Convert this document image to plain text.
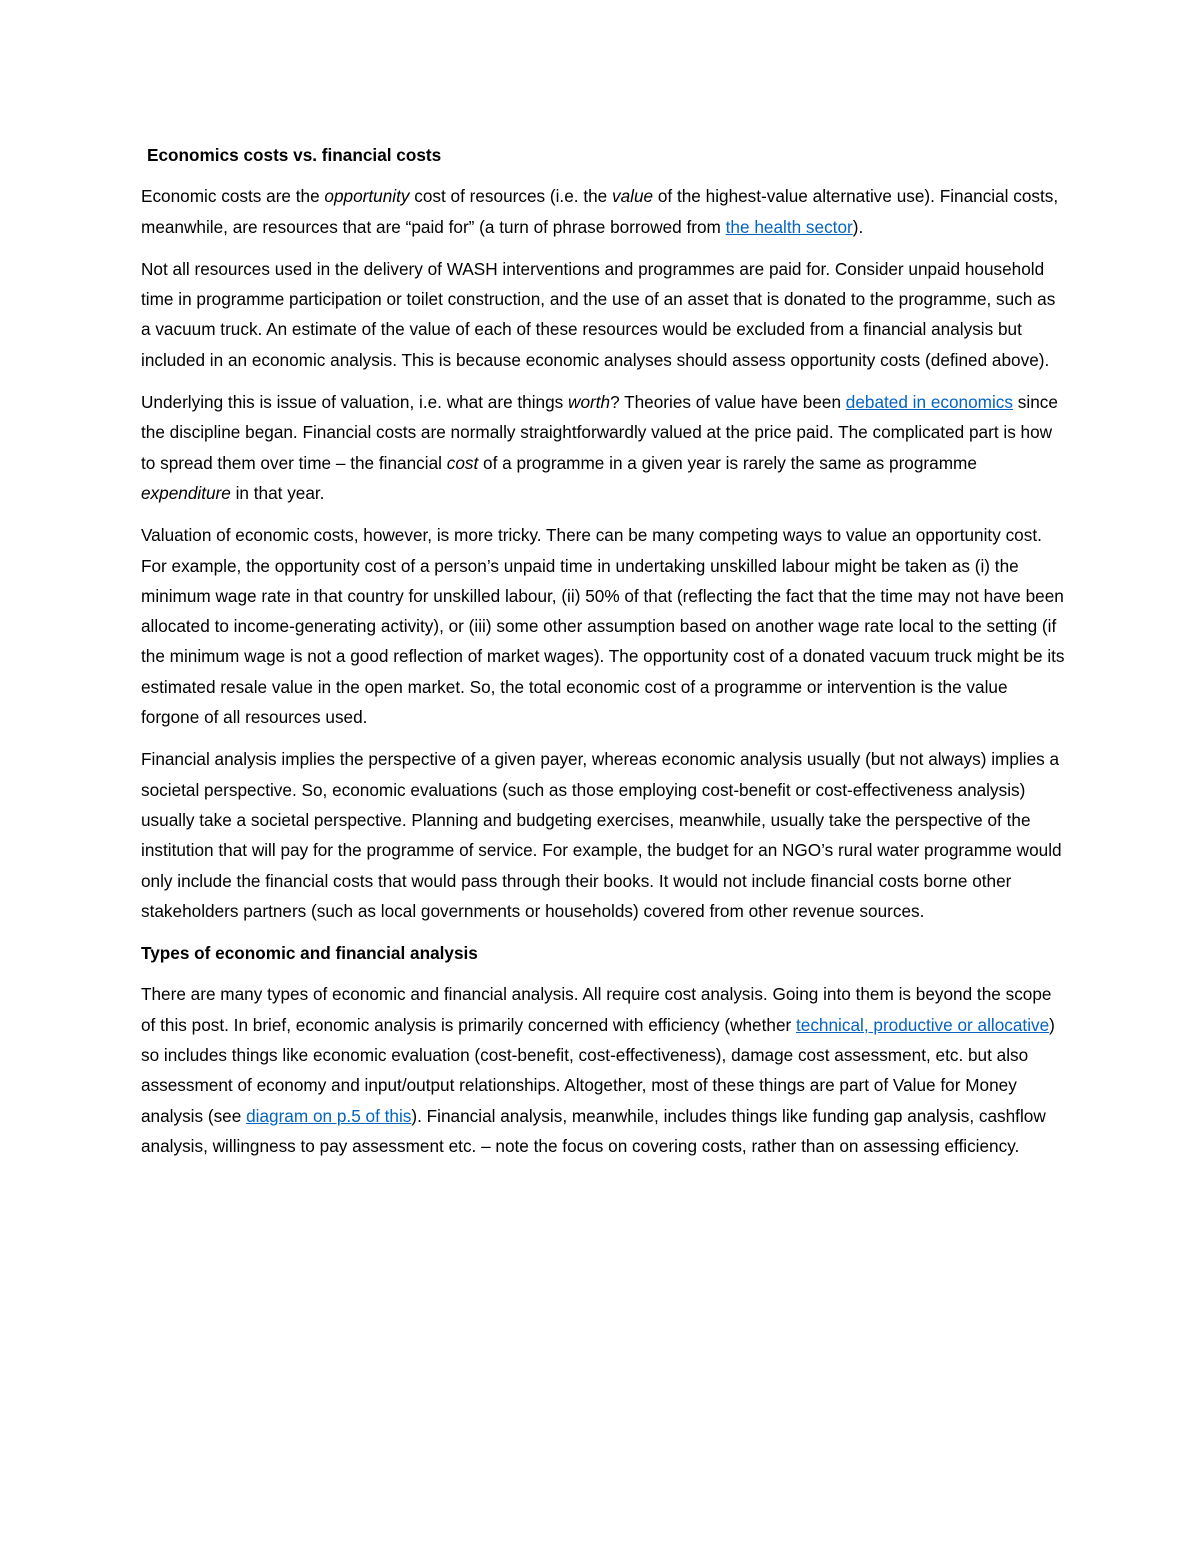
Economics costs vs. financial costs

Economic costs are the opportunity cost of resources (i.e. the value of the highest-value alternative use). Financial costs, meanwhile, are resources that are “paid for” (a turn of phrase borrowed from the health sector).

Not all resources used in the delivery of WASH interventions and programmes are paid for. Consider unpaid household time in programme participation or toilet construction, and the use of an asset that is donated to the programme, such as a vacuum truck. An estimate of the value of each of these resources would be excluded from a financial analysis but included in an economic analysis. This is because economic analyses should assess opportunity costs (defined above).

Underlying this is issue of valuation, i.e. what are things worth? Theories of value have been debated in economics since the discipline began. Financial costs are normally straightforwardly valued at the price paid. The complicated part is how to spread them over time – the financial cost of a programme in a given year is rarely the same as programme expenditure in that year.

Valuation of economic costs, however, is more tricky. There can be many competing ways to value an opportunity cost. For example, the opportunity cost of a person’s unpaid time in undertaking unskilled labour might be taken as (i) the minimum wage rate in that country for unskilled labour, (ii) 50% of that (reflecting the fact that the time may not have been allocated to income-generating activity), or (iii) some other assumption based on another wage rate local to the setting (if the minimum wage is not a good reflection of market wages). The opportunity cost of a donated vacuum truck might be its estimated resale value in the open market. So, the total economic cost of a programme or intervention is the value forgone of all resources used.

Financial analysis implies the perspective of a given payer, whereas economic analysis usually (but not always) implies a societal perspective. So, economic evaluations (such as those employing cost-benefit or cost-effectiveness analysis) usually take a societal perspective. Planning and budgeting exercises, meanwhile, usually take the perspective of the institution that will pay for the programme of service. For example, the budget for an NGO’s rural water programme would only include the financial costs that would pass through their books. It would not include financial costs borne other stakeholders partners (such as local governments or households) covered from other revenue sources.

Types of economic and financial analysis

There are many types of economic and financial analysis. All require cost analysis. Going into them is beyond the scope of this post. In brief, economic analysis is primarily concerned with efficiency (whether technical, productive or allocative) so includes things like economic evaluation (cost-benefit, cost-effectiveness), damage cost assessment, etc. but also assessment of economy and input/output relationships. Altogether, most of these things are part of Value for Money analysis (see diagram on p.5 of this). Financial analysis, meanwhile, includes things like funding gap analysis, cashflow analysis, willingness to pay assessment etc. – note the focus on covering costs, rather than on assessing efficiency.
